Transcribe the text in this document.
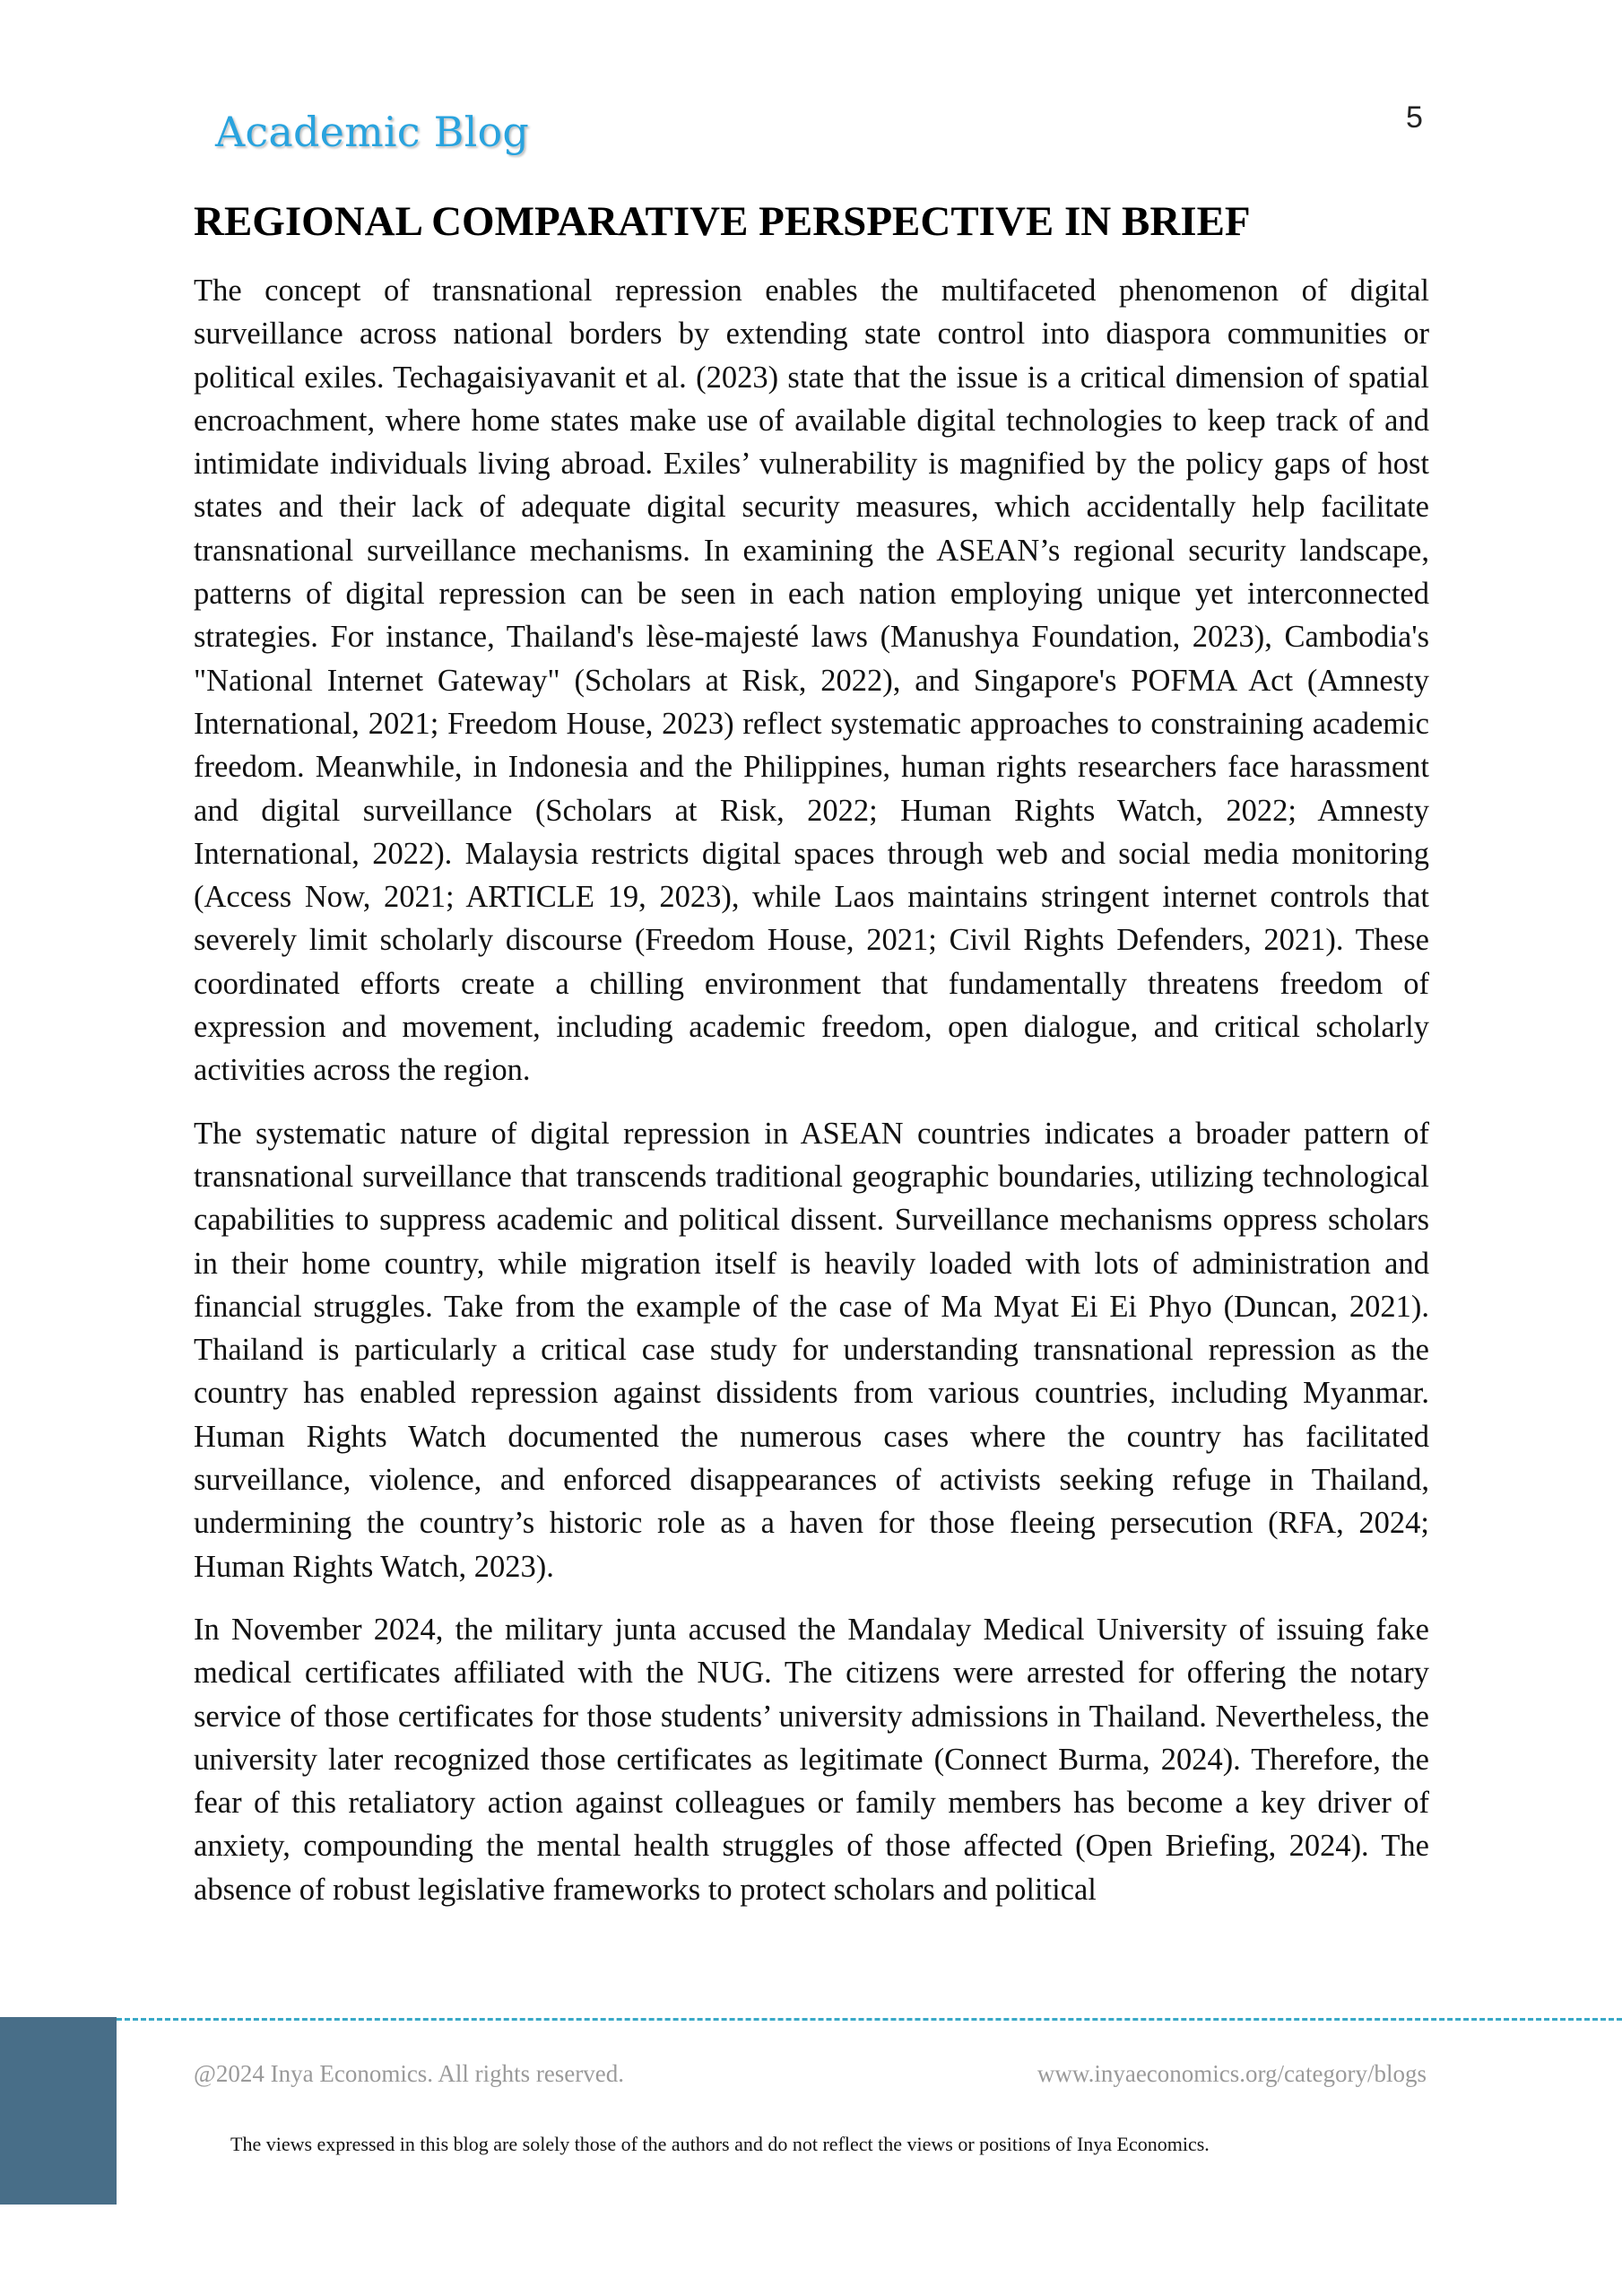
Academic Blog	5
REGIONAL COMPARATIVE PERSPECTIVE IN BRIEF

The concept of transnational repression enables the multifaceted phenomenon of digital surveillance across national borders by extending state control into diaspora communities or political exiles. Techagaisiyavanit et al. (2023) state that the issue is a critical dimension of spatial encroachment, where home states make use of available digital technologies to keep track of and intimidate individuals living abroad. Exiles’ vulnerability is magnified by the policy gaps of host states and their lack of adequate digital security measures, which accidentally help facilitate transnational surveillance mechanisms. In examining the ASEAN’s regional security landscape, patterns of digital repression can be seen in each nation employing unique yet interconnected strategies. For instance, Thailand's lèse-majesté laws (Manushya Foundation, 2023), Cambodia's "National Internet Gateway" (Scholars at Risk, 2022), and Singapore's POFMA Act (Amnesty International, 2021; Freedom House, 2023) reflect systematic approaches to constraining academic freedom. Meanwhile, in Indonesia and the Philippines, human rights researchers face harassment and digital surveillance (Scholars at Risk, 2022; Human Rights Watch, 2022; Amnesty International, 2022). Malaysia restricts digital spaces through web and social media monitoring (Access Now, 2021; ARTICLE 19, 2023), while Laos maintains stringent internet controls that severely limit scholarly discourse (Freedom House, 2021; Civil Rights Defenders, 2021). These coordinated efforts create a chilling environment that fundamentally threatens freedom of expression and movement, including academic freedom, open dialogue, and critical scholarly activities across the region.

The systematic nature of digital repression in ASEAN countries indicates a broader pattern of transnational surveillance that transcends traditional geographic boundaries, utilizing technological capabilities to suppress academic and political dissent. Surveillance mechanisms oppress scholars in their home country, while migration itself is heavily loaded with lots of administration and financial struggles. Take from the example of the case of Ma Myat Ei Ei Phyo (Duncan, 2021). Thailand is particularly a critical case study for understanding transnational repression as the country has enabled repression against dissidents from various countries, including Myanmar. Human Rights Watch documented the numerous cases where the country has facilitated surveillance, violence, and enforced disappearances of activists seeking refuge in Thailand, undermining the country’s historic role as a haven for those fleeing persecution (RFA, 2024; Human Rights Watch, 2023).

In November 2024, the military junta accused the Mandalay Medical University of issuing fake medical certificates affiliated with the NUG. The citizens were arrested for offering the notary service of those certificates for those students’ university admissions in Thailand. Nevertheless, the university later recognized those certificates as legitimate (Connect Burma, 2024). Therefore, the fear of this retaliatory action against colleagues or family members has become a key driver of anxiety, compounding the mental health struggles of those affected (Open Briefing, 2024). The absence of robust legislative frameworks to protect scholars and political

@2024 Inya Economics. All rights reserved.	www.inyaeconomics.org/category/blogs
The views expressed in this blog are solely those of the authors and do not reflect the views or positions of Inya Economics.
